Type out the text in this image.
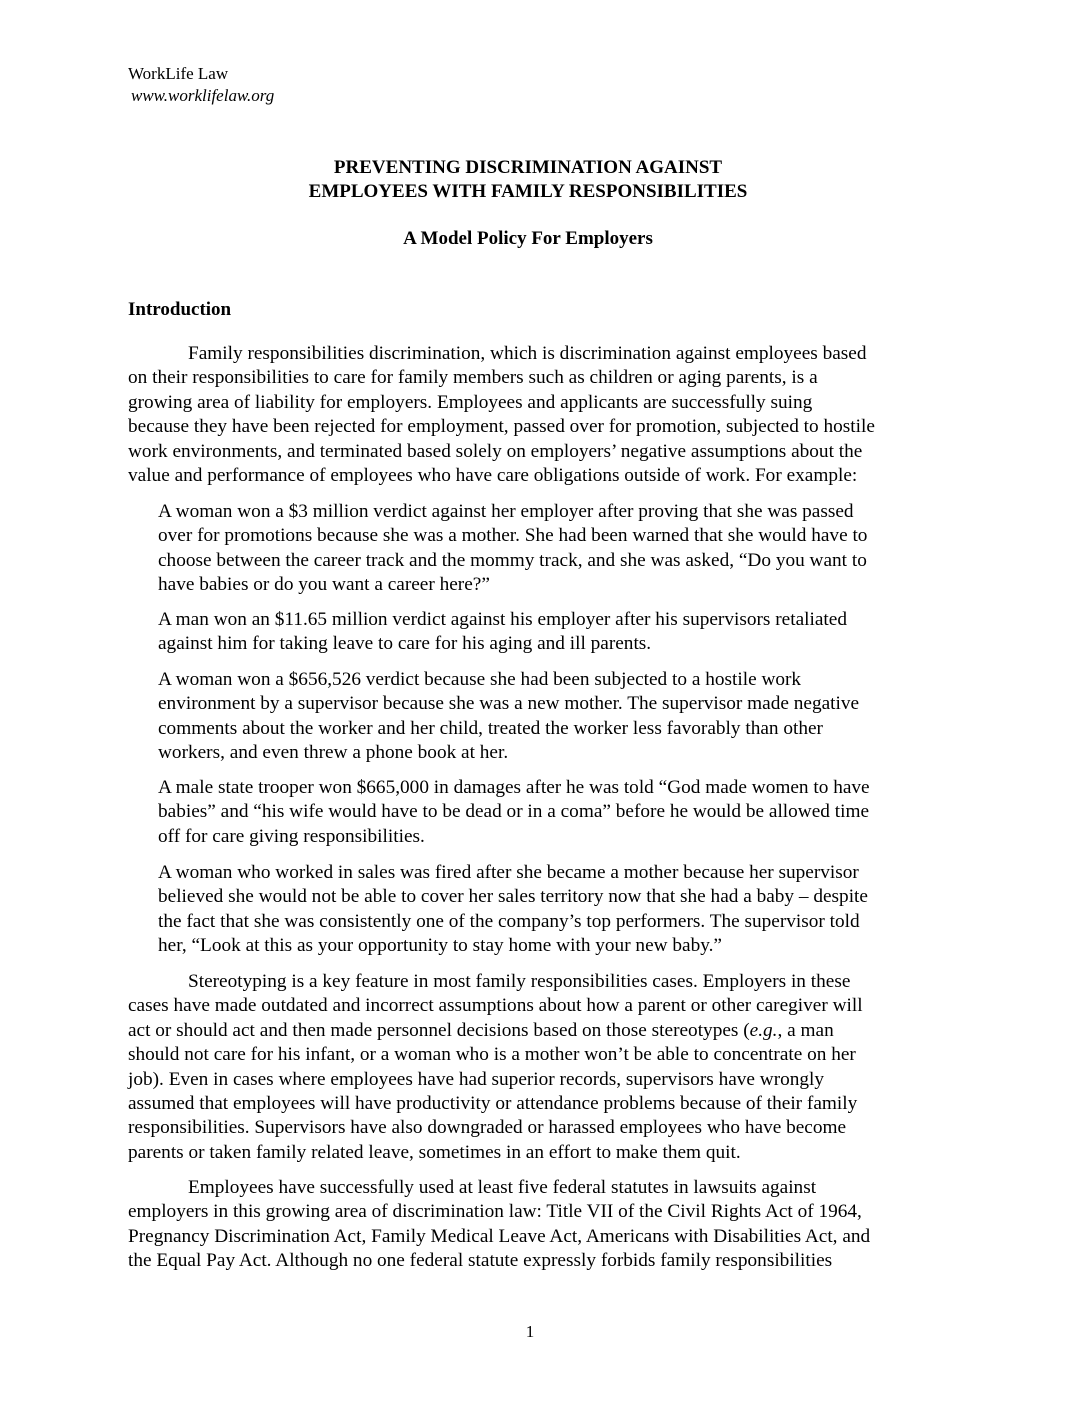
WorkLife Law
www.worklifelaw.org
PREVENTING DISCRIMINATION AGAINST
EMPLOYEES WITH FAMILY RESPONSIBILITIES
A Model Policy For Employers
Introduction
Family responsibilities discrimination, which is discrimination against employees based
on their responsibilities to care for family members such as children or aging parents, is a
growing area of liability for employers. Employees and applicants are successfully suing
because they have been rejected for employment, passed over for promotion, subjected to hostile
work environments, and terminated based solely on employers’ negative assumptions about the
value and performance of employees who have care obligations outside of work. For example:
A woman won a $3 million verdict against her employer after proving that she was passed
over for promotions because she was a mother. She had been warned that she would have to
choose between the career track and the mommy track, and she was asked, “Do you want to
have babies or do you want a career here?”
A man won an $11.65 million verdict against his employer after his supervisors retaliated
against him for taking leave to care for his aging and ill parents.
A woman won a $656,526 verdict because she had been subjected to a hostile work
environment by a supervisor because she was a new mother. The supervisor made negative
comments about the worker and her child, treated the worker less favorably than other
workers, and even threw a phone book at her.
A male state trooper won $665,000 in damages after he was told “God made women to have
babies” and “his wife would have to be dead or in a coma” before he would be allowed time
off for care giving responsibilities.
A woman who worked in sales was fired after she became a mother because her supervisor
believed she would not be able to cover her sales territory now that she had a baby – despite
the fact that she was consistently one of the company’s top performers. The supervisor told
her, “Look at this as your opportunity to stay home with your new baby.”
Stereotyping is a key feature in most family responsibilities cases. Employers in these
cases have made outdated and incorrect assumptions about how a parent or other caregiver will
act or should act and then made personnel decisions based on those stereotypes (e.g., a man
should not care for his infant, or a woman who is a mother won’t be able to concentrate on her
job). Even in cases where employees have had superior records, supervisors have wrongly
assumed that employees will have productivity or attendance problems because of their family
responsibilities. Supervisors have also downgraded or harassed employees who have become
parents or taken family related leave, sometimes in an effort to make them quit.
Employees have successfully used at least five federal statutes in lawsuits against
employers in this growing area of discrimination law: Title VII of the Civil Rights Act of 1964,
Pregnancy Discrimination Act, Family Medical Leave Act, Americans with Disabilities Act, and
the Equal Pay Act. Although no one federal statute expressly forbids family responsibilities
1
